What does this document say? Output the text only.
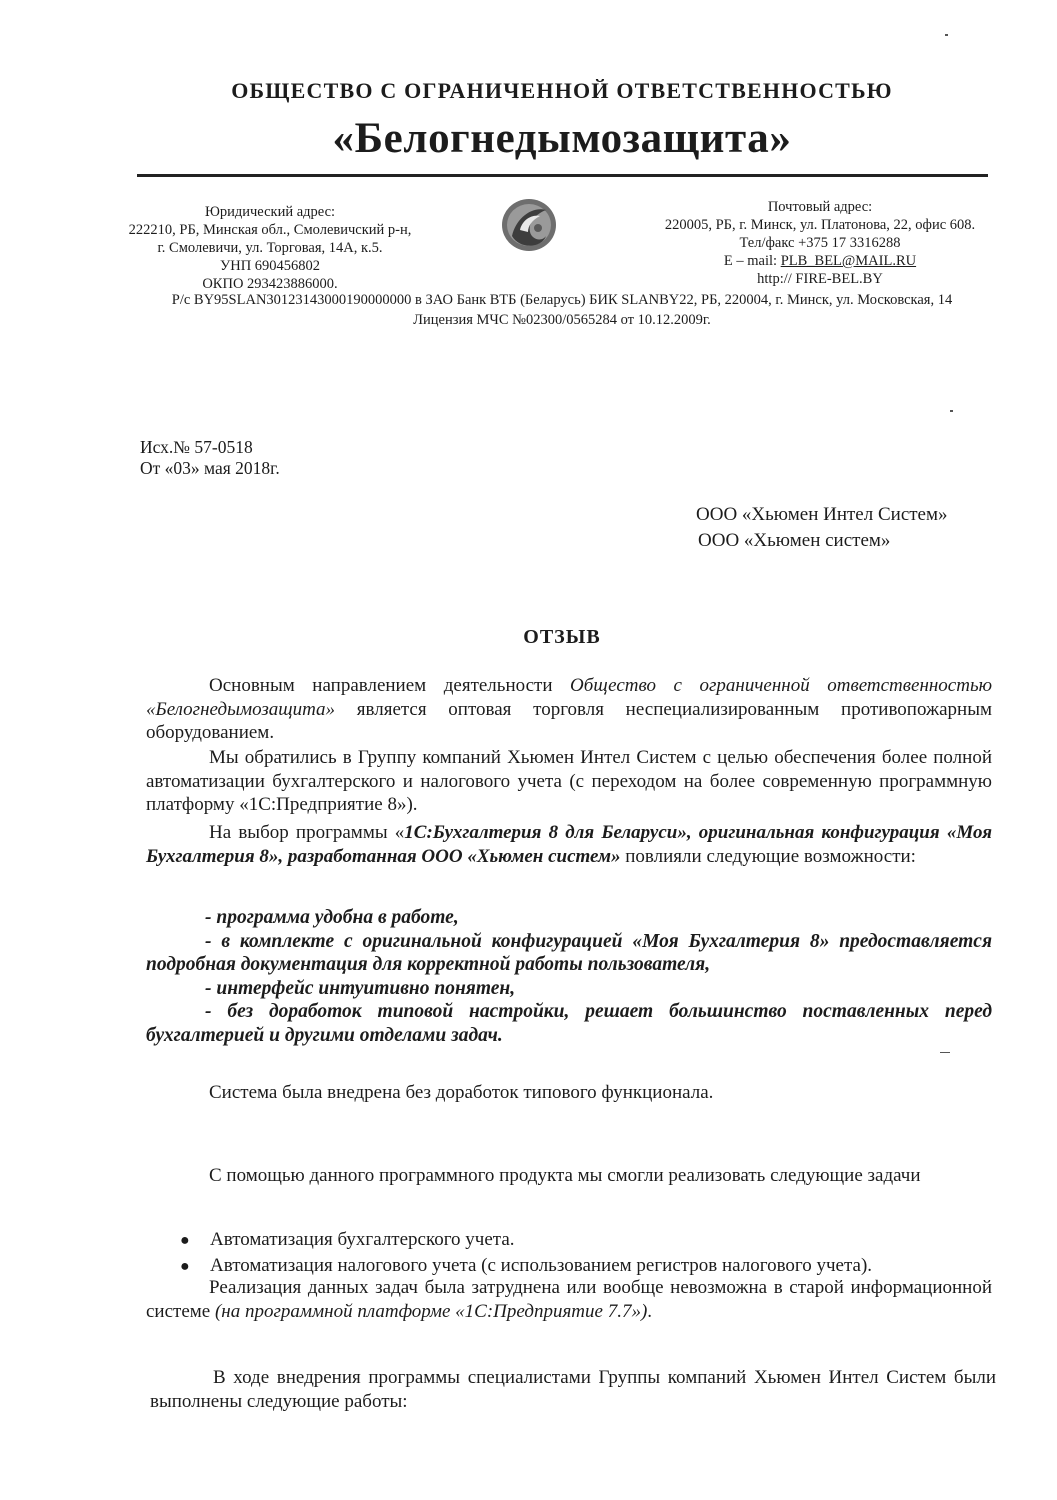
ОБЩЕСТВО С ОГРАНИЧЕННОЙ ОТВЕТСТВЕННОСТЬЮ
«Белогнедымозащита»
Юридический адрес:
222210, РБ, Минская обл., Смолевичский р-н,
г. Смолевичи, ул. Торговая, 14А, к.5.
УНП 690456802
ОКПО 293423886000.
Почтовый адрес:
220005, РБ, г. Минск, ул. Платонова, 22, офис 608.
Тел/факс +375 17 3316288
E – mail: PLB_BEL@MAIL.RU
http:// FIRE-BEL.BY
Р/с BY95SLAN30123143000190000000 в ЗАО Банк ВТБ (Беларусь) БИК SLANBY22, РБ, 220004, г. Минск, ул. Московская, 14
Лицензия МЧС №02300/0565284 от 10.12.2009г.
Исх.№ 57-0518
От «03» мая 2018г.
ООО «Хьюмен Интел Систем»
ООО «Хьюмен систем»
ОТЗЫВ
Основным направлением деятельности Общество с ограниченной ответственностью «Белогнедымозащита» является оптовая торговля неспециализированным противопожарным оборудованием.
Мы обратились в Группу компаний Хьюмен Интел Систем с целью обеспечения более полной автоматизации бухгалтерского и налогового учета (с переходом на более современную программную платформу «1С:Предприятие 8»).
На выбор программы «1С:Бухгалтерия 8 для Беларуси», оригинальная конфигурация «Моя Бухгалтерия 8», разработанная ООО «Хьюмен систем» повлияли следующие возможности:
- программа удобна в работе,
- в комплекте с оригинальной конфигурацией «Моя Бухгалтерия 8» предоставляется подробная документация для корректной работы пользователя,
- интерфейс интуитивно понятен,
- без доработок типовой настройки, решает большинство поставленных перед бухгалтерией и другими отделами задач.
Система была внедрена без доработок типового функционала.
С помощью данного программного продукта мы смогли реализовать следующие задачи
●	Автоматизация бухгалтерского учета.
●	Автоматизация налогового учета (с использованием регистров налогового учета).
Реализация данных задач была затруднена или вообще невозможна в старой информационной системе (на программной платформе «1С:Предприятие 7.7»).
В ходе внедрения программы специалистами Группы компаний Хьюмен Интел Систем были выполнены следующие работы:
